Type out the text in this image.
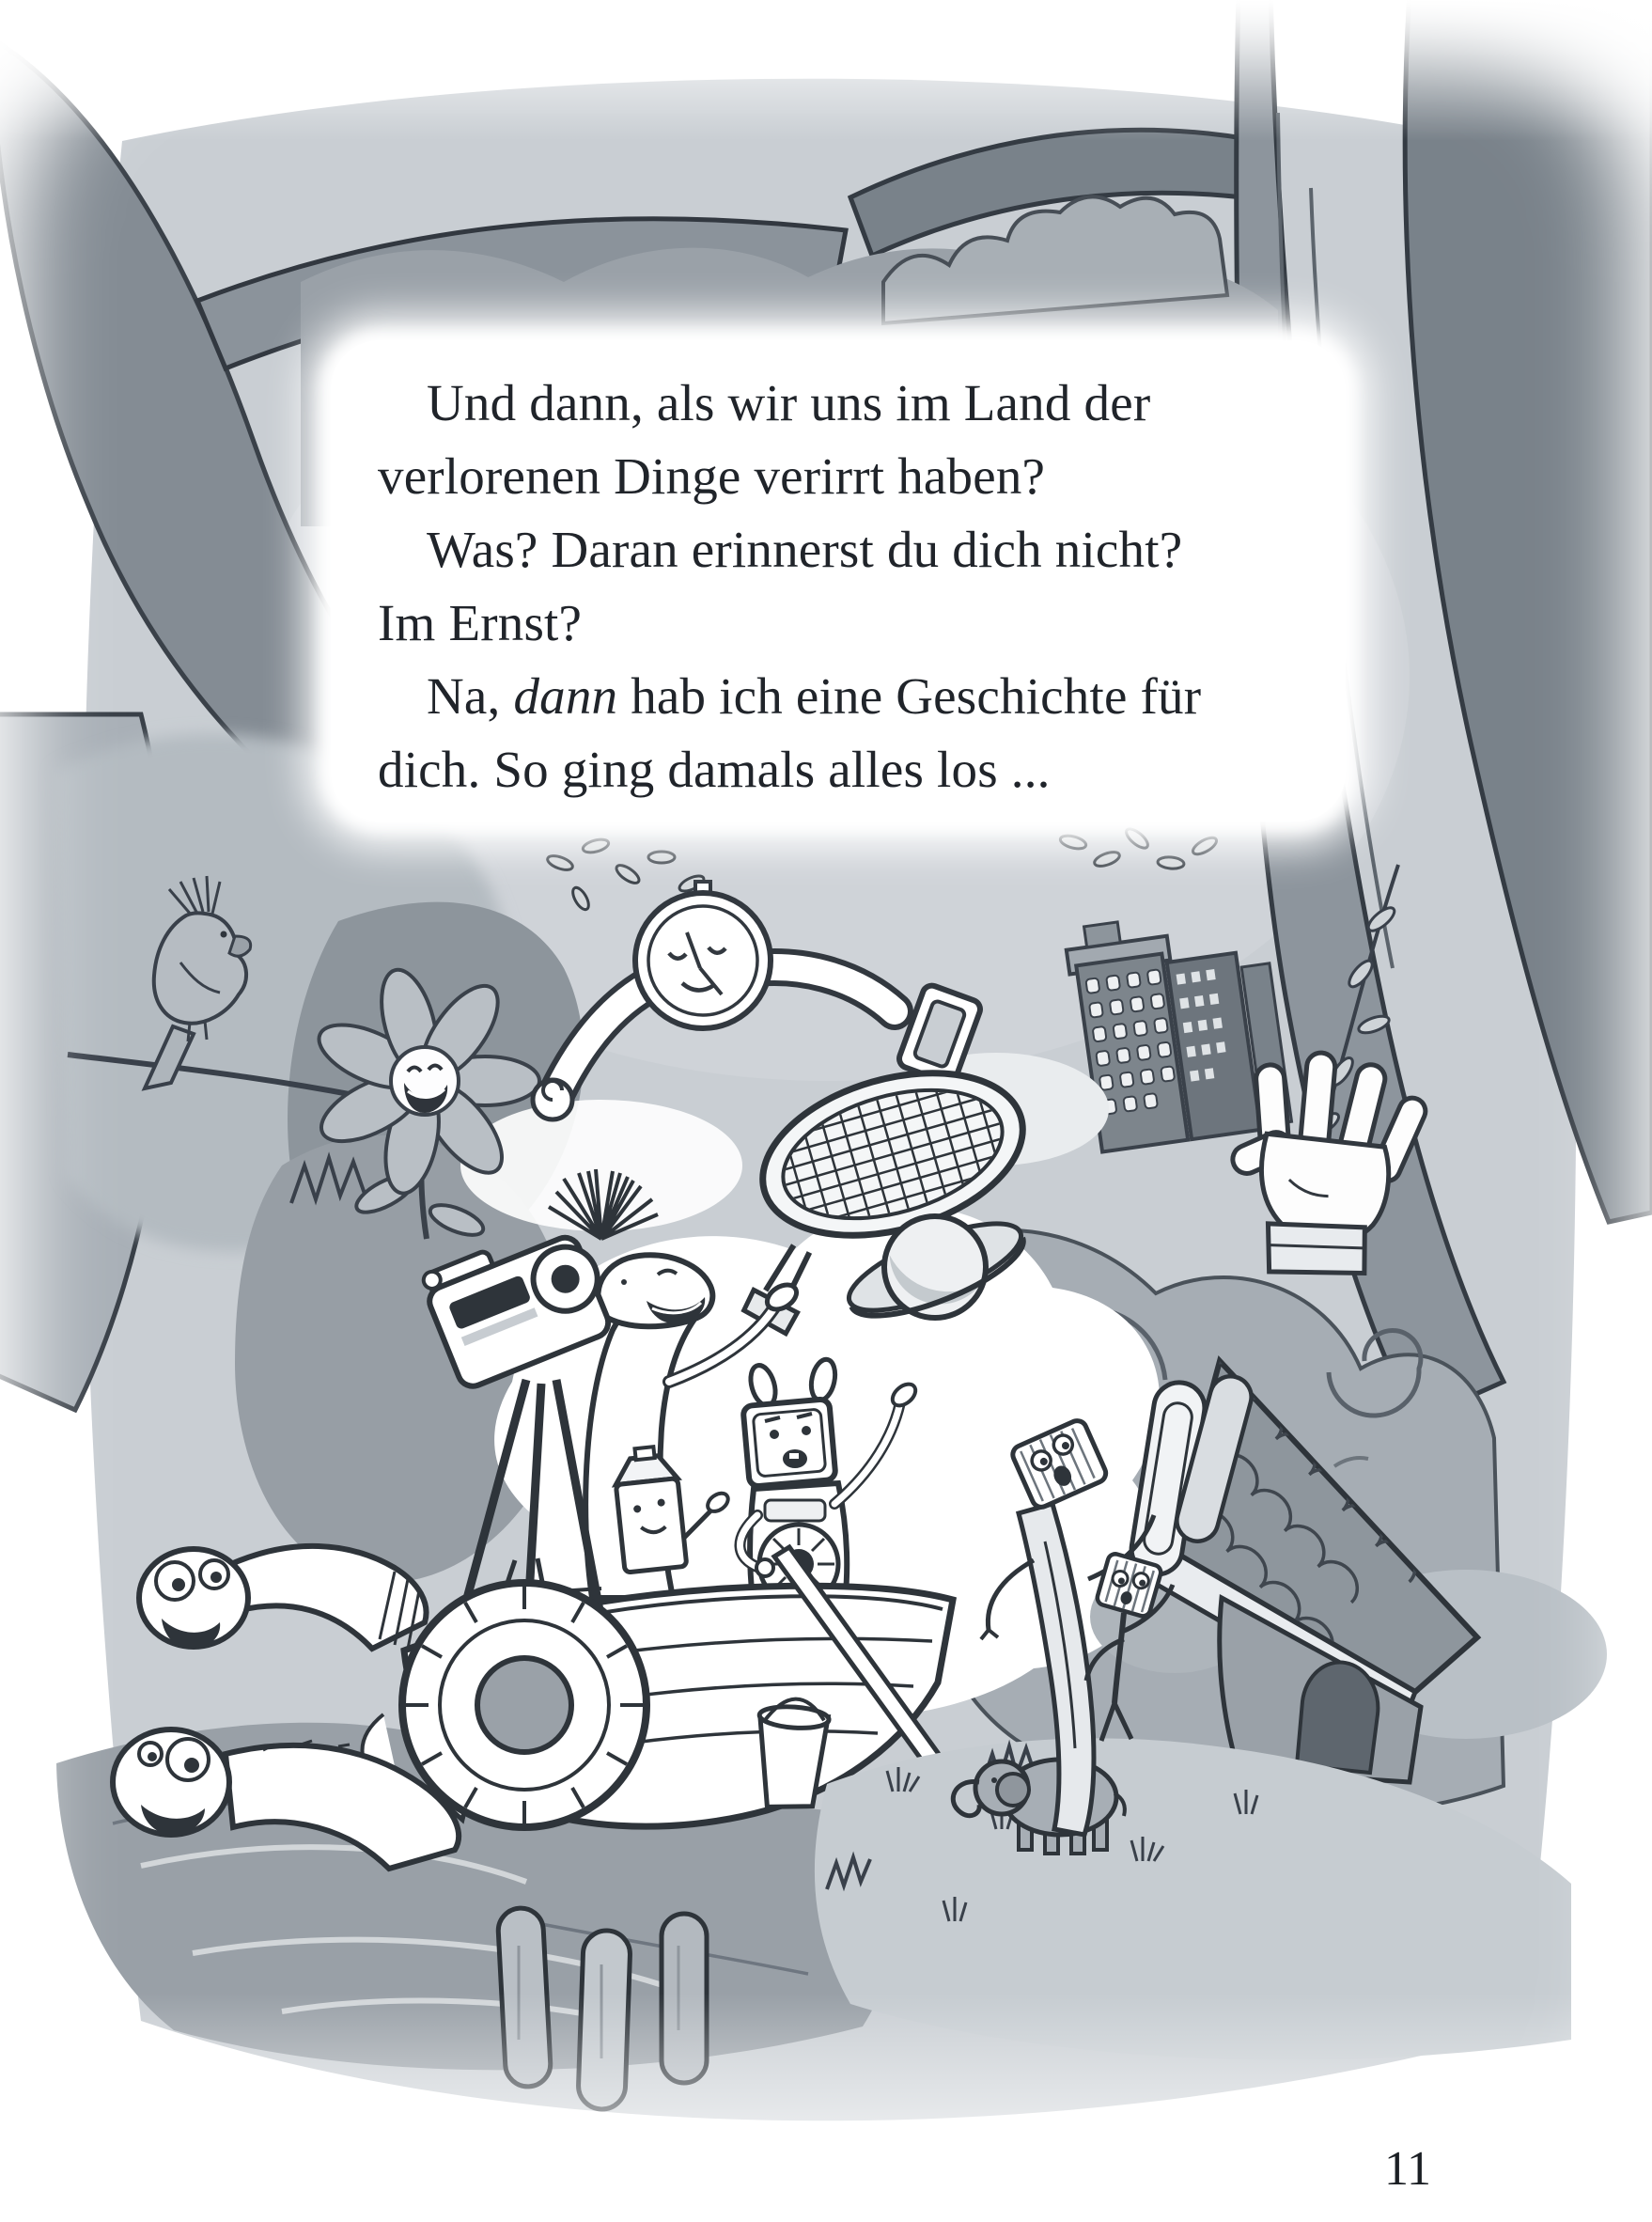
Und dann, als wir uns im Land der
verlorenen Dinge verirrt haben?
Was? Daran erinnerst du dich nicht?
Im Ernst?
Na, dann hab ich eine Geschichte für
dich. So ging damals alles los ...
11
